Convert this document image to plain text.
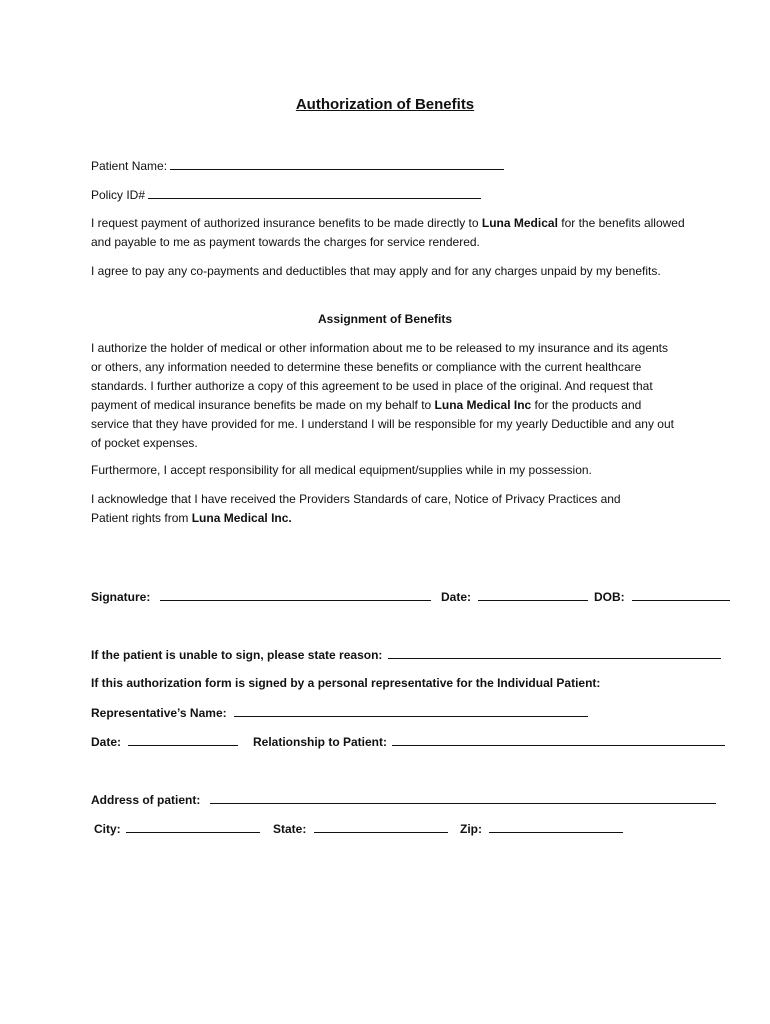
Authorization of Benefits
Patient Name:
Policy ID#
I request payment of authorized insurance benefits to be made directly to Luna Medical for the benefits allowed and payable to me as payment towards the charges for service rendered.
I agree to pay any co-payments and deductibles that may apply and for any charges unpaid by my benefits.
Assignment of Benefits
I authorize the holder of medical or other information about me to be released to my insurance and its agents or others, any information needed to determine these benefits or compliance with the current healthcare standards. I further authorize a copy of this agreement to be used in place of the original. And request that payment of medical insurance benefits be made on my behalf to Luna Medical Inc for the products and service that they have provided for me. I understand I will be responsible for my yearly Deductible and any out of pocket expenses.
Furthermore, I accept responsibility for all medical equipment/supplies while in my possession.
I acknowledge that I have received the Providers Standards of care, Notice of Privacy Practices and Patient rights from Luna Medical Inc.
Signature:	Date:	DOB:
If the patient is unable to sign, please state reason:
If this authorization form is signed by a personal representative for the Individual Patient:
Representative’s Name:
Date:	Relationship to Patient:
Address of patient:
City:	State:	Zip:
